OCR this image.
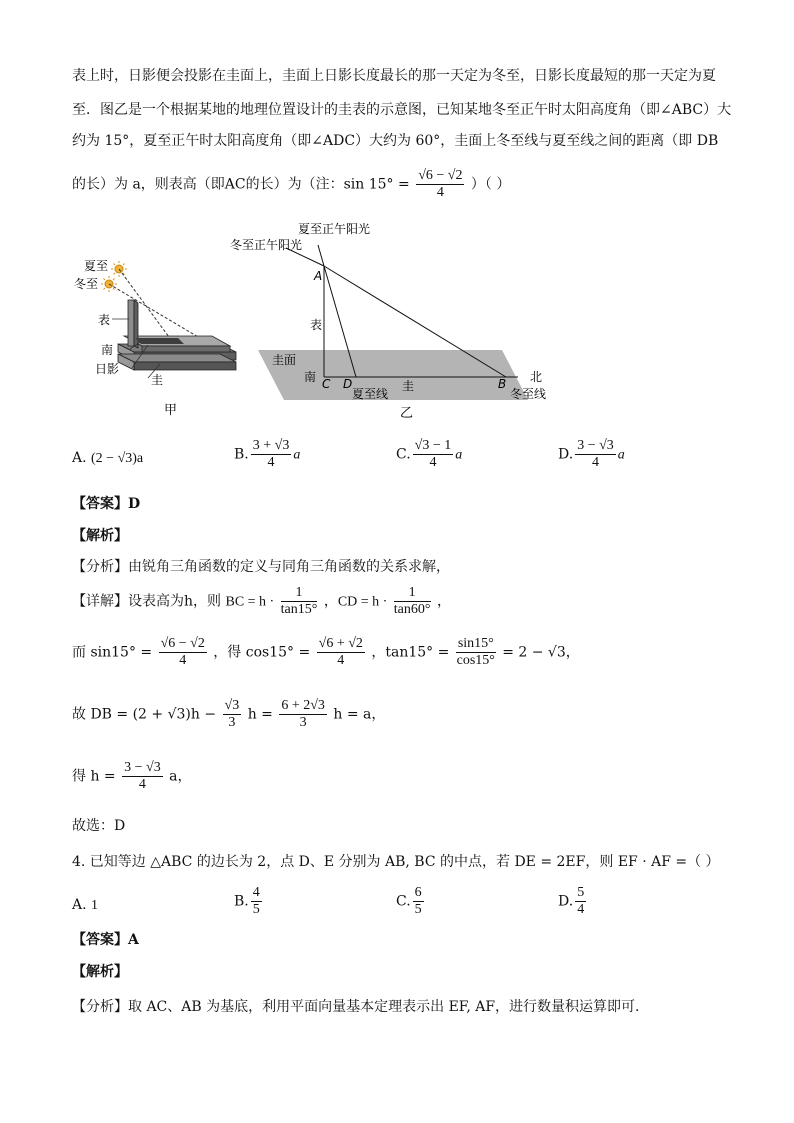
表上时，日影便会投影在圭面上，圭面上日影长度最长的那一天定为冬至，日影长度最短的那一天定为夏
至．图乙是一个根据某地的地理位置设计的圭表的示意图，已知某地冬至正午时太阳高度角（即∠ABC）大
约为 15°，夏至正午时太阳高度角（即∠ADC）大约为 60°，圭面上冬至线与夏至线之间的距离（即 DB
的长）为 a，则表高（即AC的长）为（注：$\sin 15^\circ = \frac{√6 - √2}{4}$ ）（ ）
夏至
冬至
表
南
日影
圭
甲
夏至正午阳光
冬至正午阳光
A
表
圭面
南 C D	圭	B 北
夏至线	冬至线
乙
A. (2 − √3)a	B. $\frac{3 + √3}{4}$ a	C. $\frac{√3 - 1}{4}$ a	D. $\frac{3 - √3}{4}$ a
【答案】D
【解析】
【分析】由锐角三角函数的定义与同角三角函数的关系求解，
【详解】设表高为h，则 BC = $h \cdot \frac{1}{\tan 15^\circ}$ ，CD = $h \cdot \frac{1}{\tan 60^\circ}$ ，
而 $\sin 15^\circ = \frac{√6 - √2}{4}$ ，得 $\cos 15^\circ = \frac{√6 + √2}{4}$ ，$\tan 15^\circ = \frac{\sin 15^\circ}{\cos 15^\circ} = 2 - √3$，
故 DB = $(2 + √3)h - \frac{√3}{3}$ $h = \frac{6 + 2√3}{3}$ h = a，
得 $h = \frac{3 - √3}{4}$ a，
故选：D
4. 已知等边 △ABC 的边长为 2，点 D、E 分别为 AB, BC 的中点，若 DE = 2EF，则 EF · AF =（ ）
A. 1	B. $\frac{4}{5}$	C. $\frac{6}{5}$	D. $\frac{5}{4}$
【答案】A
【解析】
【分析】取 AC、AB 为基底，利用平面向量基本定理表示出 EF, AF，进行数量积运算即可.
